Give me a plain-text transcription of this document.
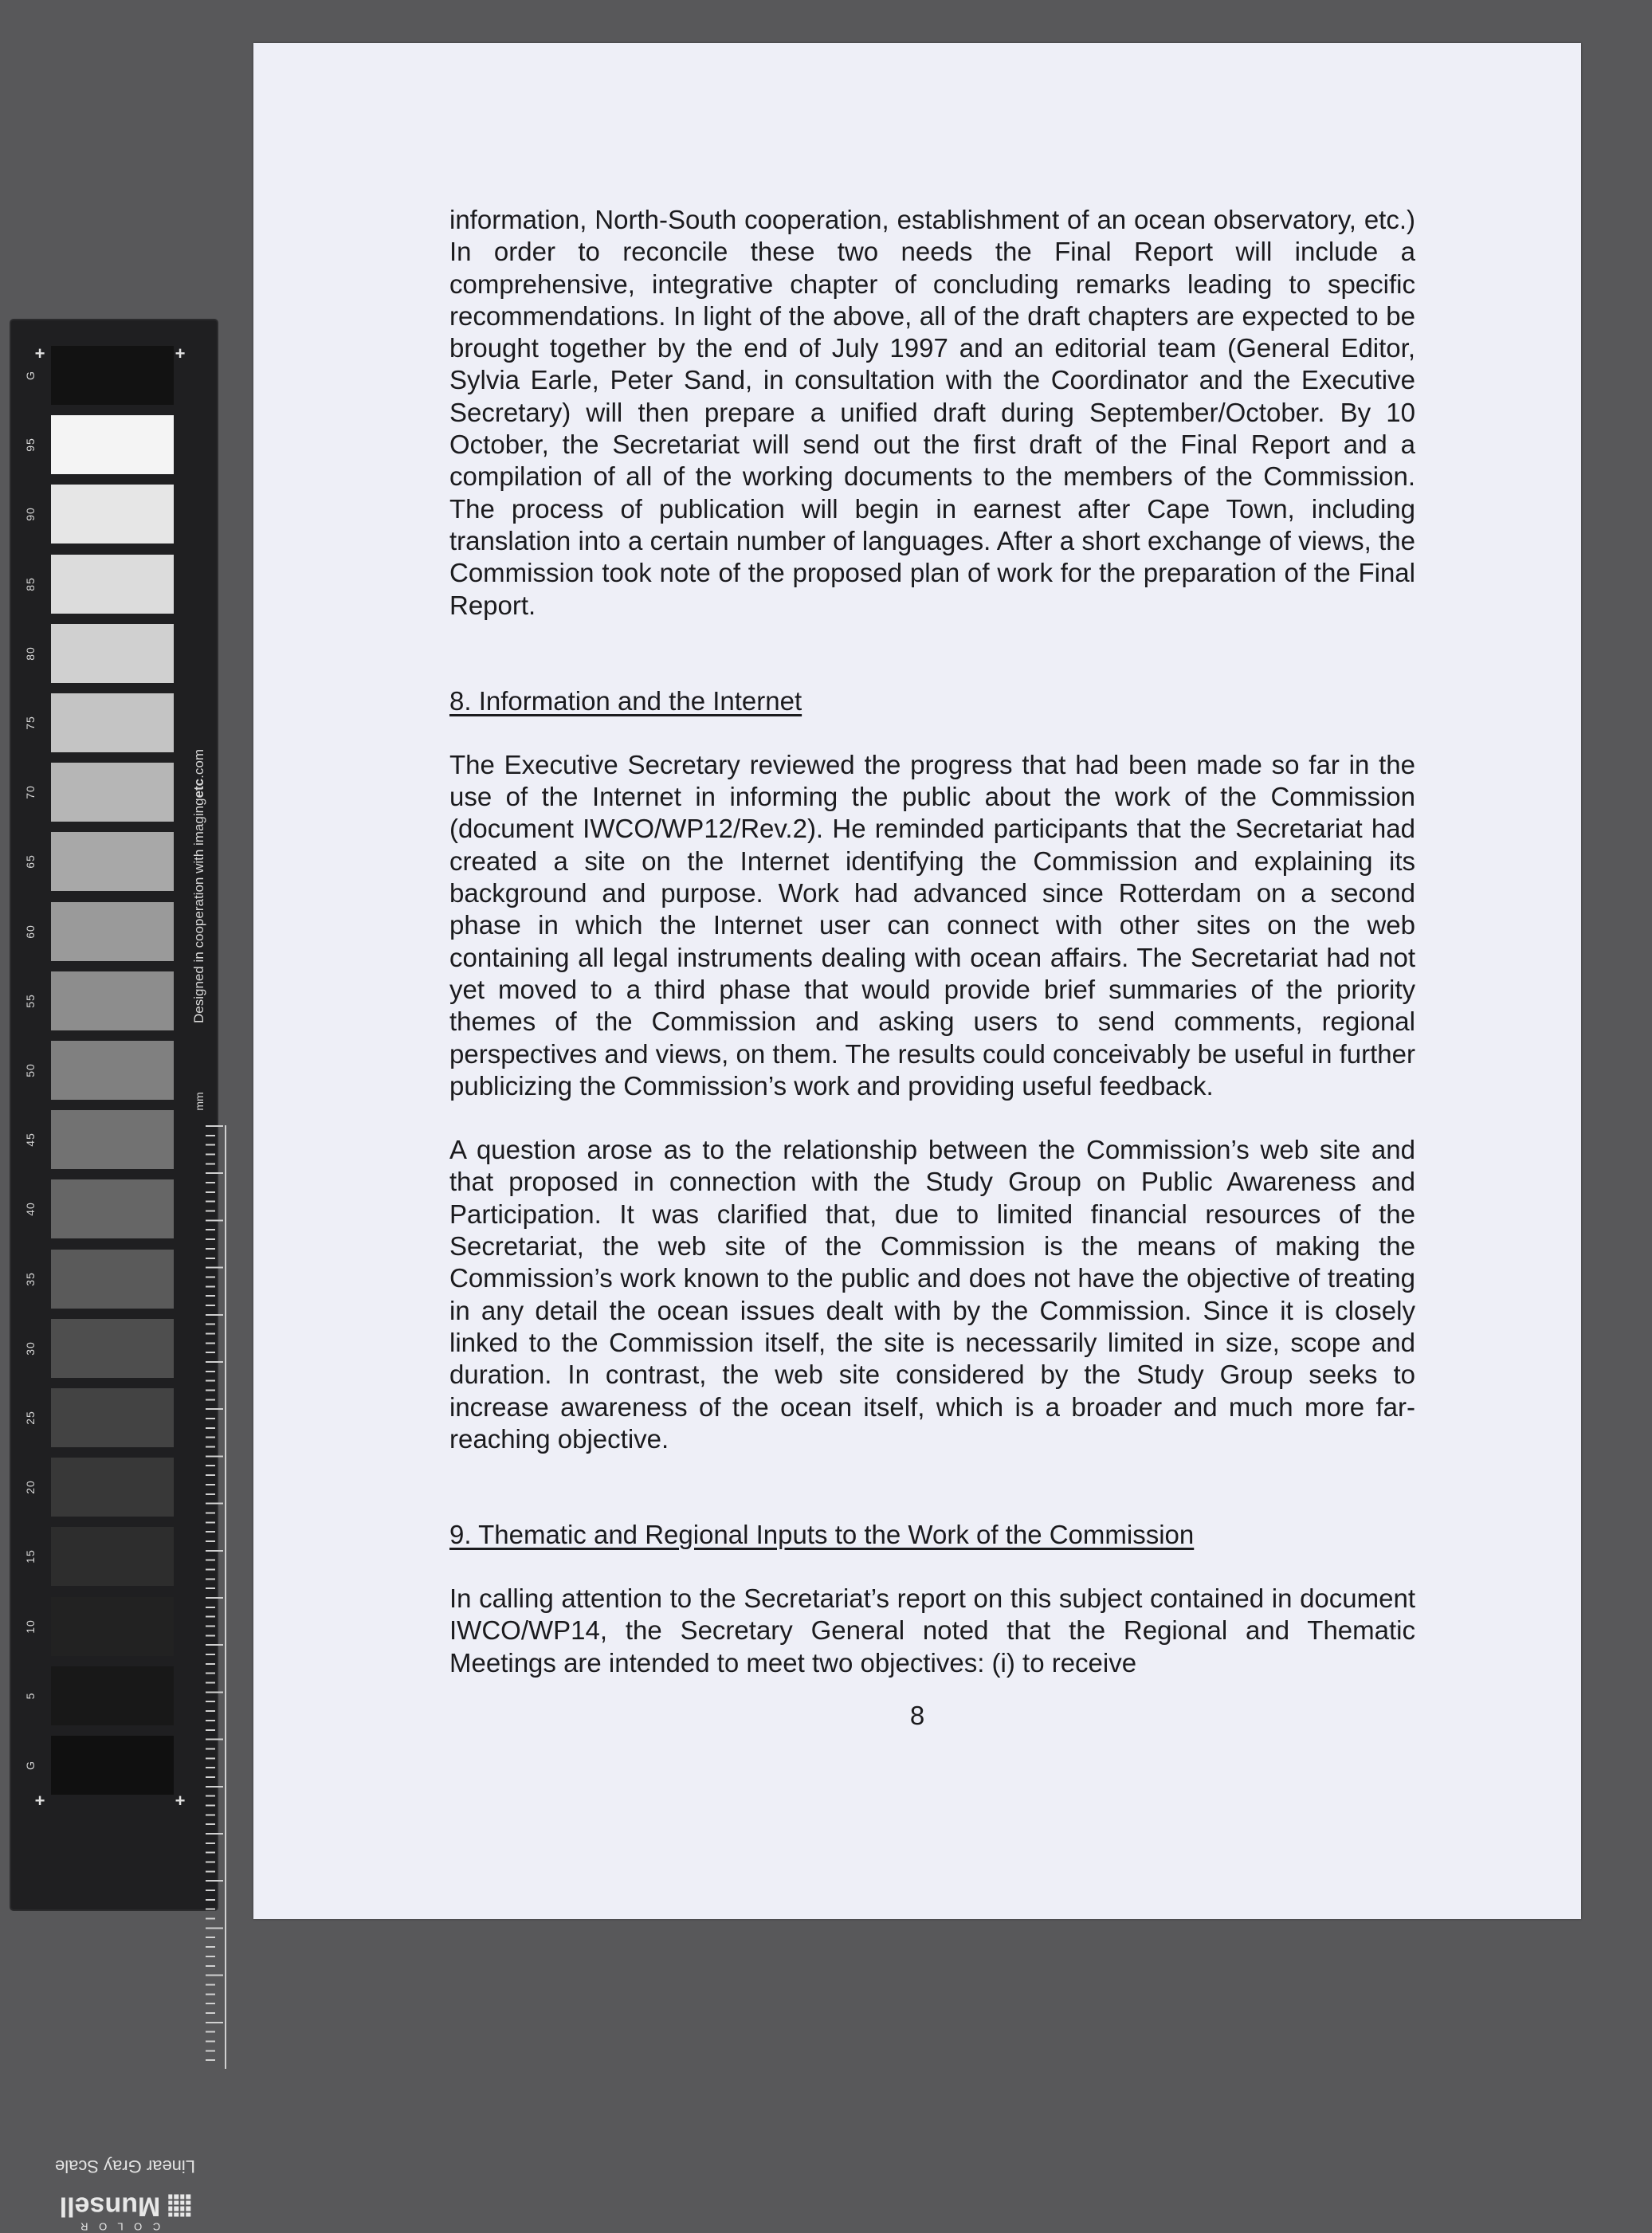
Designed in cooperation with imagingetc.com
mm
Linear Gray Scale
C O L O R
Munsell
G
95
90
85
80
75
70
65
60
55
50
45
40
35
30
25
20
15
10
5
G
+	+
+	+

information, North-South cooperation, establishment of an ocean observatory, etc.) In order to reconcile these two needs the Final Report will include a comprehensive, integrative chapter of concluding remarks leading to specific recommendations. In light of the above, all of the draft chapters are expected to be brought together by the end of July 1997 and an editorial team (General Editor, Sylvia Earle, Peter Sand, in consultation with the Coordinator and the Executive Secretary) will then prepare a unified draft during September/October. By 10 October, the Secretariat will send out the first draft of the Final Report and a compilation of all of the working documents to the members of the Commission. The process of publication will begin in earnest after Cape Town, including translation into a certain number of languages. After a short exchange of views, the Commission took note of the proposed plan of work for the preparation of the Final Report.

8. Information and the Internet

The Executive Secretary reviewed the progress that had been made so far in the use of the Internet in informing the public about the work of the Commission (document IWCO/WP12/Rev.2). He reminded participants that the Secretariat had created a site on the Internet identifying the Commission and explaining its background and purpose. Work had advanced since Rotterdam on a second phase in which the Internet user can connect with other sites on the web containing all legal instruments dealing with ocean affairs. The Secretariat had not yet moved to a third phase that would provide brief summaries of the priority themes of the Commission and asking users to send comments, regional perspectives and views, on them. The results could conceivably be useful in further publicizing the Commission’s work and providing useful feedback.

A question arose as to the relationship between the Commission’s web site and that proposed in connection with the Study Group on Public Awareness and Participation. It was clarified that, due to limited financial resources of the Secretariat, the web site of the Commission is the means of making the Commission’s work known to the public and does not have the objective of treating in any detail the ocean issues dealt with by the Commission. Since it is closely linked to the Commission itself, the site is necessarily limited in size, scope and duration. In contrast, the web site considered by the Study Group seeks to increase awareness of the ocean itself, which is a broader and much more far-reaching objective.

9. Thematic and Regional Inputs to the Work of the Commission

In calling attention to the Secretariat’s report on this subject contained in document IWCO/WP14, the Secretary General noted that the Regional and Thematic Meetings are intended to meet two objectives: (i) to receive

8
